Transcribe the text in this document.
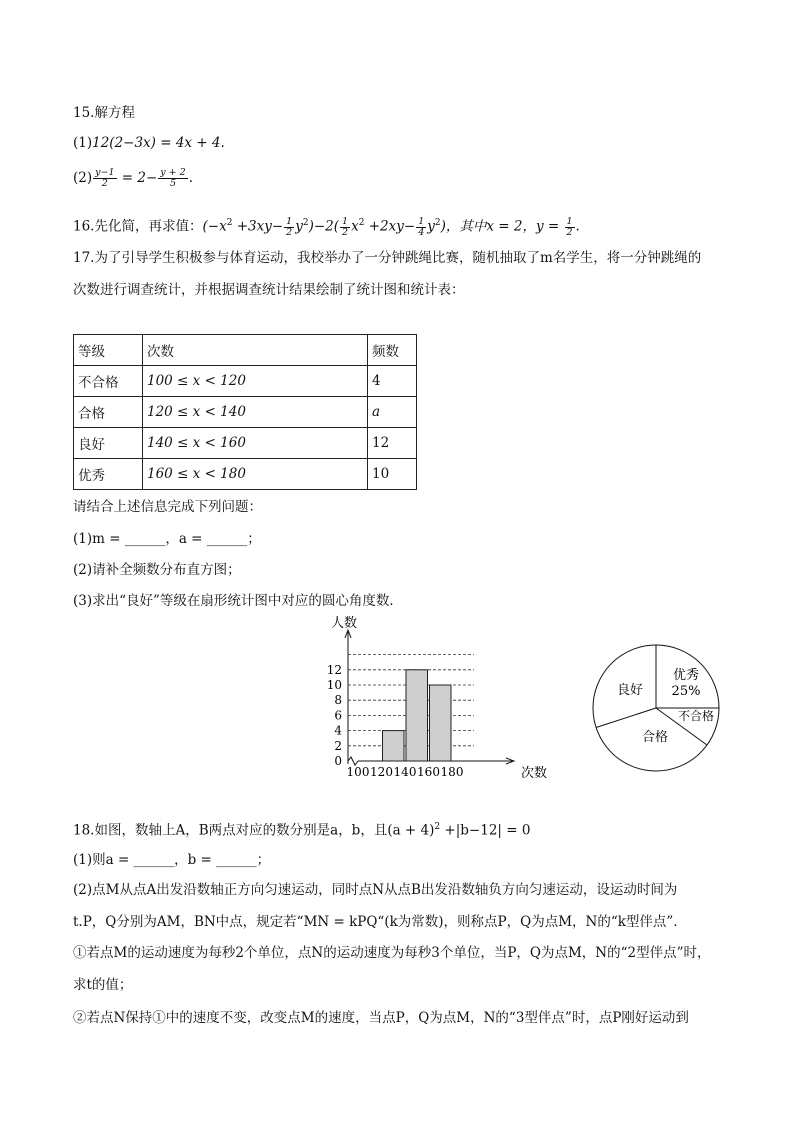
15.解方程
(1)12(2−3x) = 4x + 4.
$(2) \frac{y-1}{2} = 2- \frac{y + 2}{5}$ .
16.先化简，再求值：$(-x^2 +3xy- \frac{1}{2} y^2)-2( \frac{1}{2} x^2 +2xy- \frac{1}{4} y^2)$，其中x = 2，$y = \frac{1}{2}$ .
17.为了引导学生积极参与体育运动，我校举办了一分钟跳绳比赛，随机抽取了m名学生，将一分钟跳绳的
次数进行调查统计，并根据调查统计结果绘制了统计图和统计表：
等级	次数	频数
不合格	100 ≤ x < 120	4
合格	120 ≤ x < 140	a
良好	140 ≤ x < 160	12
优秀	160 ≤ x < 180	10
请结合上述信息完成下列问题：
(1)m = ______，a = ______；
(2)请补全频数分布直方图；
(3)求出“良好”等级在扇形统计图中对应的圆心角度数．
0
2
4
6
8
10
12
100 120 140 160 180
人数
次数
优秀
不合格
合格
良好 25%
18.如图，数轴上A，B两点对应的数分别是a，b，且$(a + 4)^2 +|b-12| = 0$
(1)则a = ______，b = ______；
(2)点M从点A出发沿数轴正方向匀速运动，同时点N从点B出发沿数轴负方向匀速运动，设运动时间为
t.P，Q分别为AM，BN中点，规定若“MN = kPQ“(k为常数)，则称点P，Q为点M，N的“k型伴点”．
①若点M的运动速度为每秒2个单位，点N的运动速度为每秒3个单位，当P，Q为点M，N的“2型伴点”时，
求t的值；
②若点N保持①中的速度不变，改变点M的速度，当点P，Q为点M，N的“3型伴点”时，点P刚好运动到
